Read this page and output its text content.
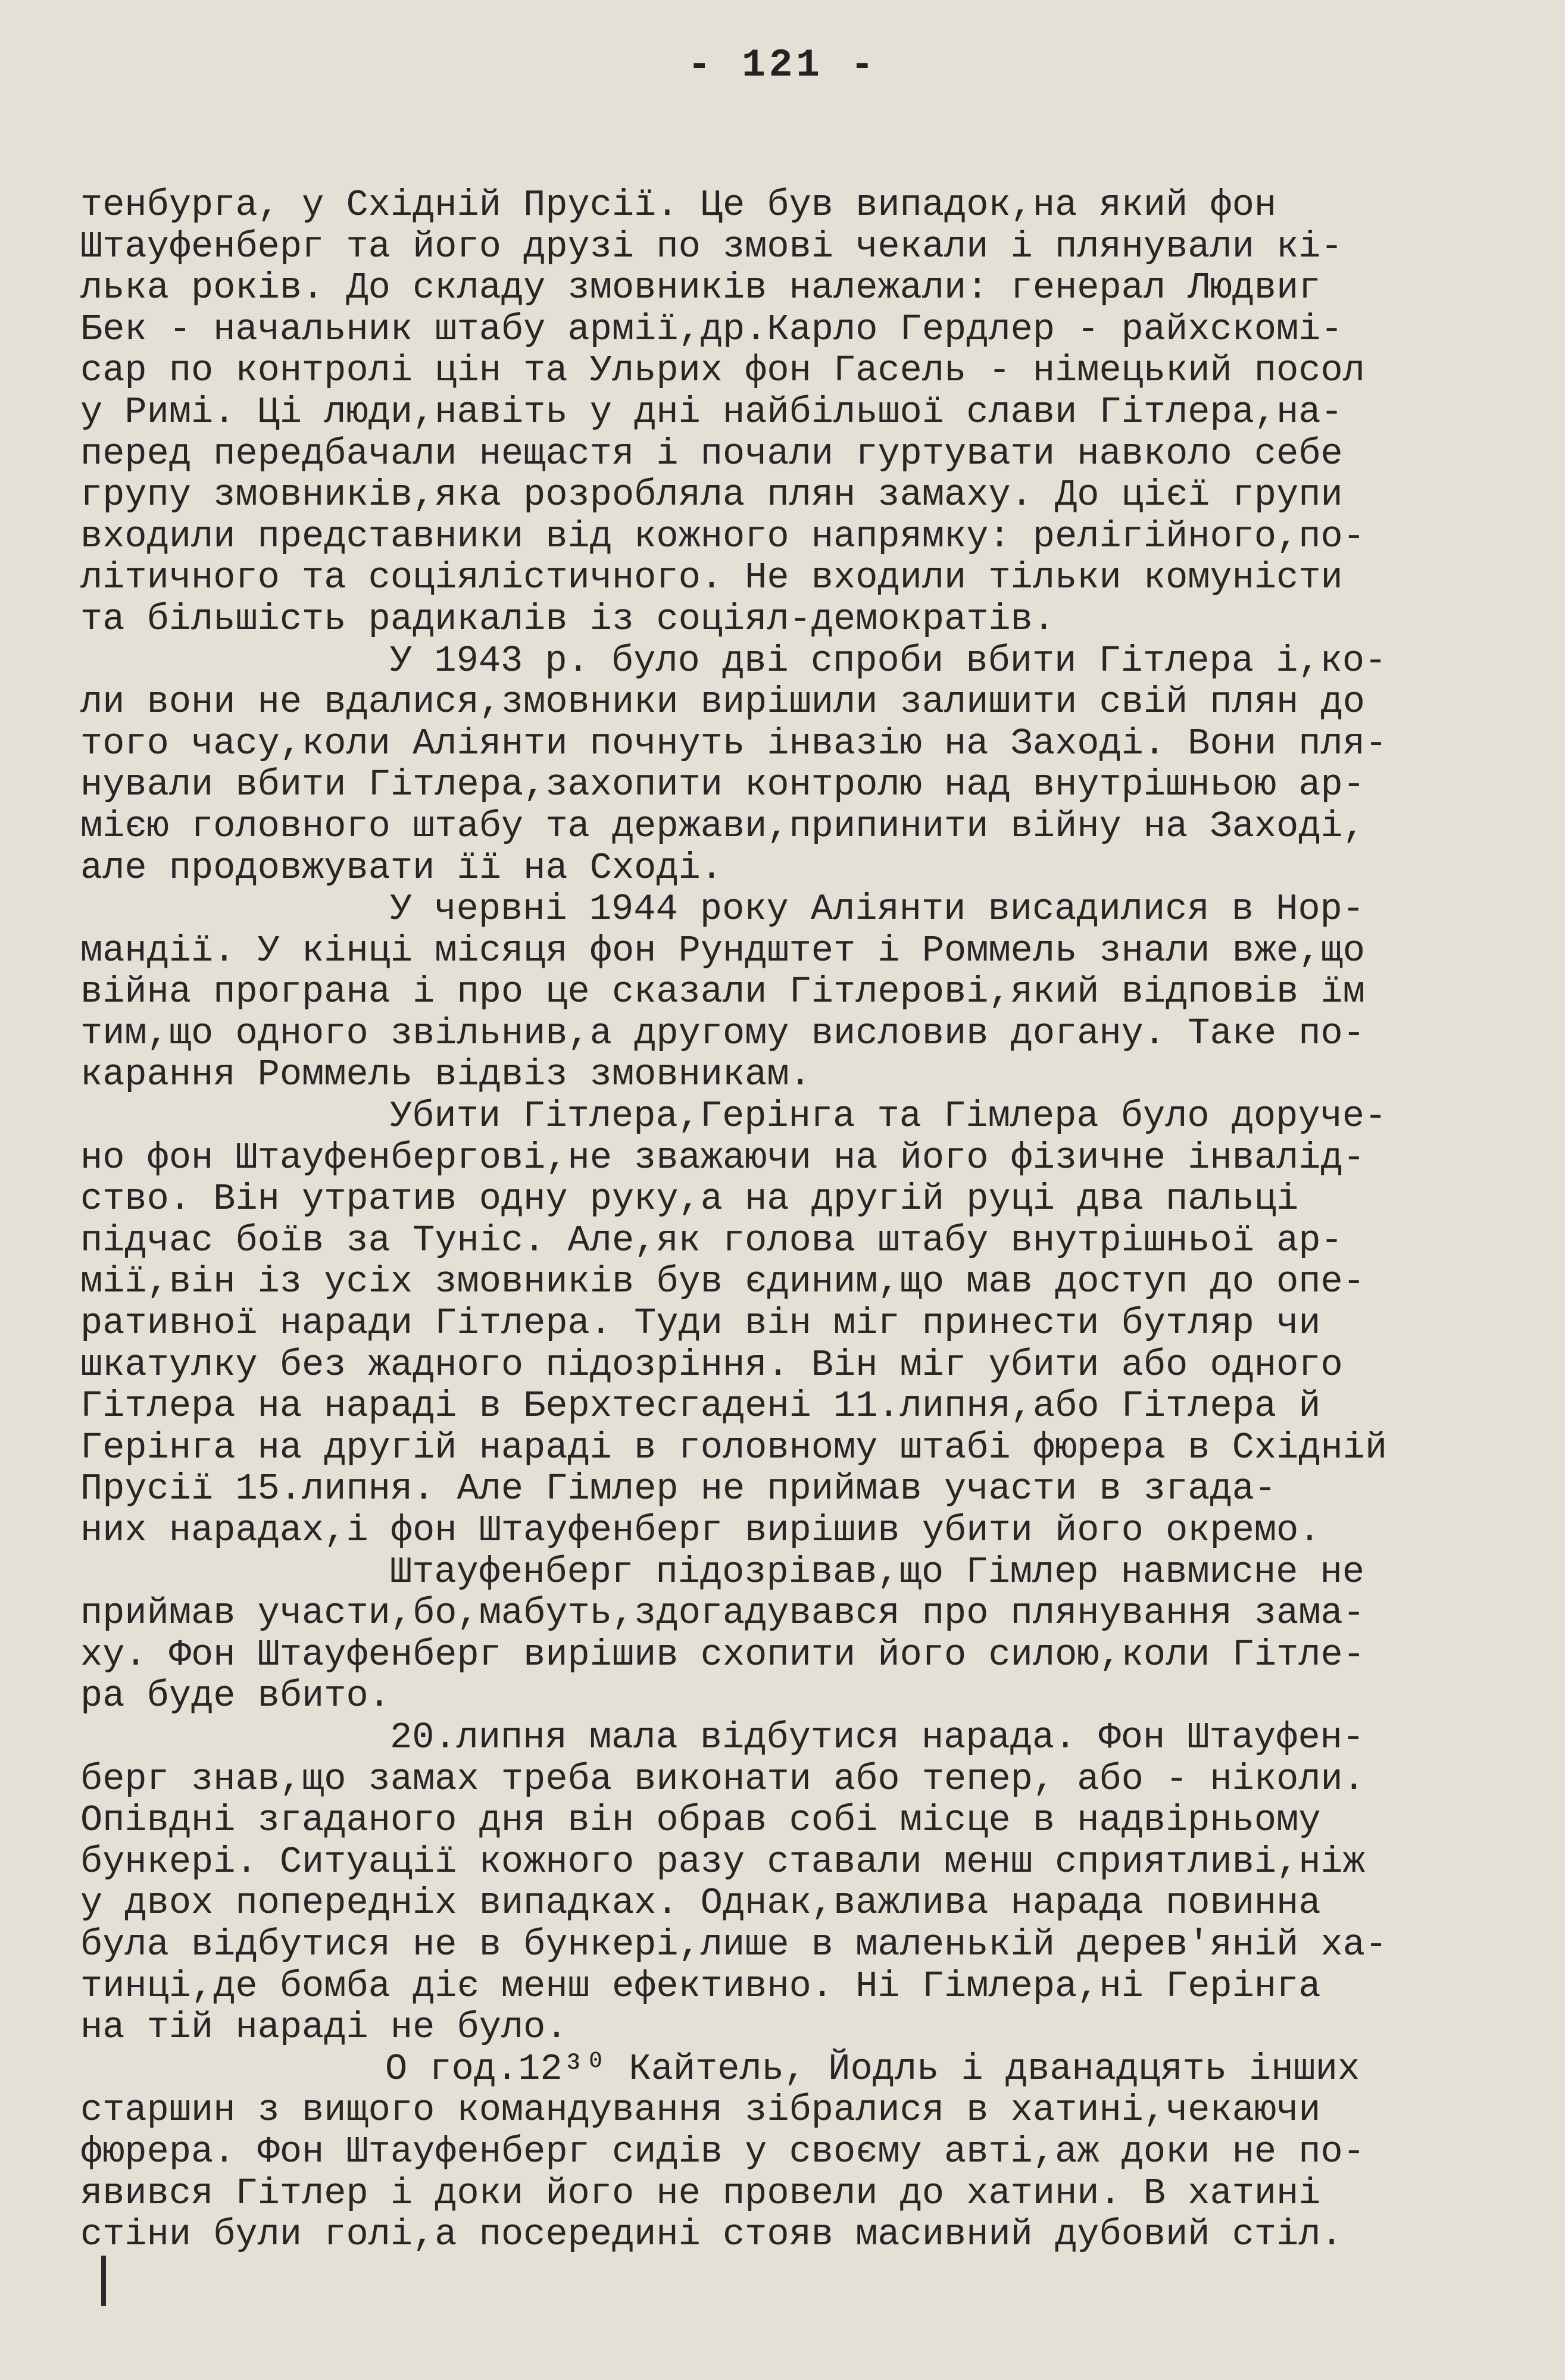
- 121 -
тенбурга, у Східній Прусії. Це був випадок,на який фон
Штауфенберг та його друзі по змові чекали і плянували кі-
лька років. До складу змовників належали: генерал Людвиг
Бек - начальник штабу армії,др.Карло Гердлер - райхскомі-
сар по контролі цін та Ульрих фон Гасель - німецький посол
у Римі. Ці люди,навіть у дні найбільшої слави Гітлера,на-
перед передбачали нещастя і почали гуртувати навколо себе
групу змовників,яка розробляла плян замаху. До цієї групи
входили представники від кожного напрямку: релігійного,по-
літичного та соціялістичного. Не входили тільки комуністи
та більшість радикалів із соціял-демократів.
У 1943 р. було дві спроби вбити Гітлера і,ко-
ли вони не вдалися,змовники вирішили залишити свій плян до
того часу,коли Аліянти почнуть інвазію на Заході. Вони пля-
нували вбити Гітлера,захопити контролю над внутрішньою ар-
мією головного штабу та держави,припинити війну на Заході,
але продовжувати її на Сході.
У червні 1944 року Аліянти висадилися в Нор-
мандії. У кінці місяця фон Рундштет і Роммель знали вже,що
війна програна і про це сказали Гітлерові,який відповів їм
тим,що одного звільнив,а другому висловив догану. Таке по-
карання Роммель відвіз змовникам.
Убити Гітлера,Герінга та Гімлера було доруче-
но фон Штауфенбергові,не зважаючи на його фізичне інвалід-
ство. Він утратив одну руку,а на другій руці два пальці
підчас боїв за Туніс. Але,як голова штабу внутрішньої ар-
мії,він із усіх змовників був єдиним,що мав доступ до опе-
ративної наради Гітлера. Туди він міг принести бутляр чи
шкатулку без жадного підозріння. Він міг убити або одного
Гітлера на нараді в Берхтесгадені 11.липня,або Гітлера й
Герінга на другій нараді в головному штабі фюрера в Східній
Прусії 15.липня. Але Гімлер не приймав участи в згада-
них нарадах,і фон Штауфенберг вирішив убити його окремо.
Штауфенберг підозрівав,що Гімлер навмисне не
приймав участи,бо,мабуть,здогадувався про плянування зама-
ху. Фон Штауфенберг вирішив схопити його силою,коли Гітле-
ра буде вбито.
20.липня мала відбутися нарада. Фон Штауфен-
берг знав,що замах треба виконати або тепер, або - ніколи.
Опівдні згаданого дня він обрав собі місце в надвірньому
бункері. Ситуації кожного разу ставали менш сприятливі,ніж
у двох попередніх випадках. Однак,важлива нарада повинна
була відбутися не в бункері,лише в маленькій дерев'яній ха-
тинці,де бомба діє менш ефективно. Ні Гімлера,ні Герінга
на тій нараді не було.
О год.12³⁰ Кайтель, Йодль і дванадцять інших
старшин з вищого командування зібралися в хатині,чекаючи
фюрера. Фон Штауфенберг сидів у своєму авті,аж доки не по-
явився Гітлер і доки його не провели до хатини. В хатині
стіни були голі,а посередині стояв масивний дубовий стіл.
